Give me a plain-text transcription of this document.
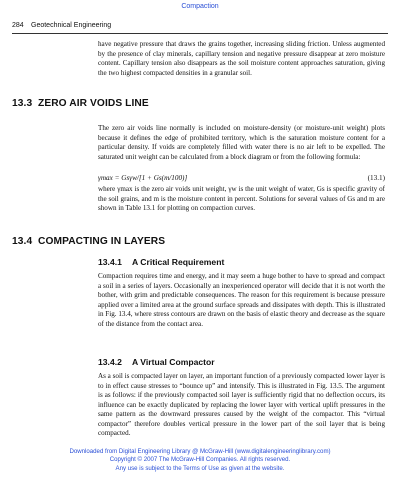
Compaction
284 Geotechnical Engineering

have negative pressure that draws the grains together, increasing sliding friction. Unless augmented by the presence of clay minerals, capillary tension and negative pressure disappear at zero moisture content. Capillary tension also disappears as the soil moisture content approaches saturation, giving the two highest compacted densities in a granular soil.

13.3 ZERO AIR VOIDS LINE

The zero air voids line normally is included on moisture-density (or moisture-unit weight) plots because it defines the edge of prohibited territory, which is the saturation moisture content for a particular density. If voids are completely filled with water there is no air left to be expelled. The saturated unit weight can be calculated from a block diagram or from the following formula:

γmax = Gsγw/[1 + Gs(m/100)]	(13.1)

where γmax is the zero air voids unit weight, γw is the unit weight of water, Gs is specific gravity of the soil grains, and m is the moisture content in percent. Solutions for several values of Gs and m are shown in Table 13.1 for plotting on compaction curves.

13.4 COMPACTING IN LAYERS
13.4.1 A Critical Requirement

Compaction requires time and energy, and it may seem a huge bother to have to spread and compact a soil in a series of layers. Occasionally an inexperienced operator will decide that it is not worth the bother, with grim and predictable consequences. The reason for this requirement is because pressure applied over a limited area at the ground surface spreads and dissipates with depth. This is illustrated in Fig. 13.4, where stress contours are drawn on the basis of elastic theory and decrease as the square of the distance from the contact area.

13.4.2 A Virtual Compactor

As a soil is compacted layer on layer, an important function of a previously compacted lower layer is to in effect cause stresses to “bounce up” and intensify. This is illustrated in Fig. 13.5. The argument is as follows: if the previously compacted soil layer is sufficiently rigid that no deflection occurs, its influence can be exactly duplicated by replacing the lower layer with vertical uplift pressures in the same pattern as the downward pressures caused by the weight of the compactor. This “virtual compactor” therefore doubles vertical pressure in the lower part of the soil layer that is being compacted.

Downloaded from Digital Engineering Library @ McGraw-Hill (www.digitalengineeringlibrary.com)
Copyright © 2007 The McGraw-Hill Companies. All rights reserved.
Any use is subject to the Terms of Use as given at the website.
